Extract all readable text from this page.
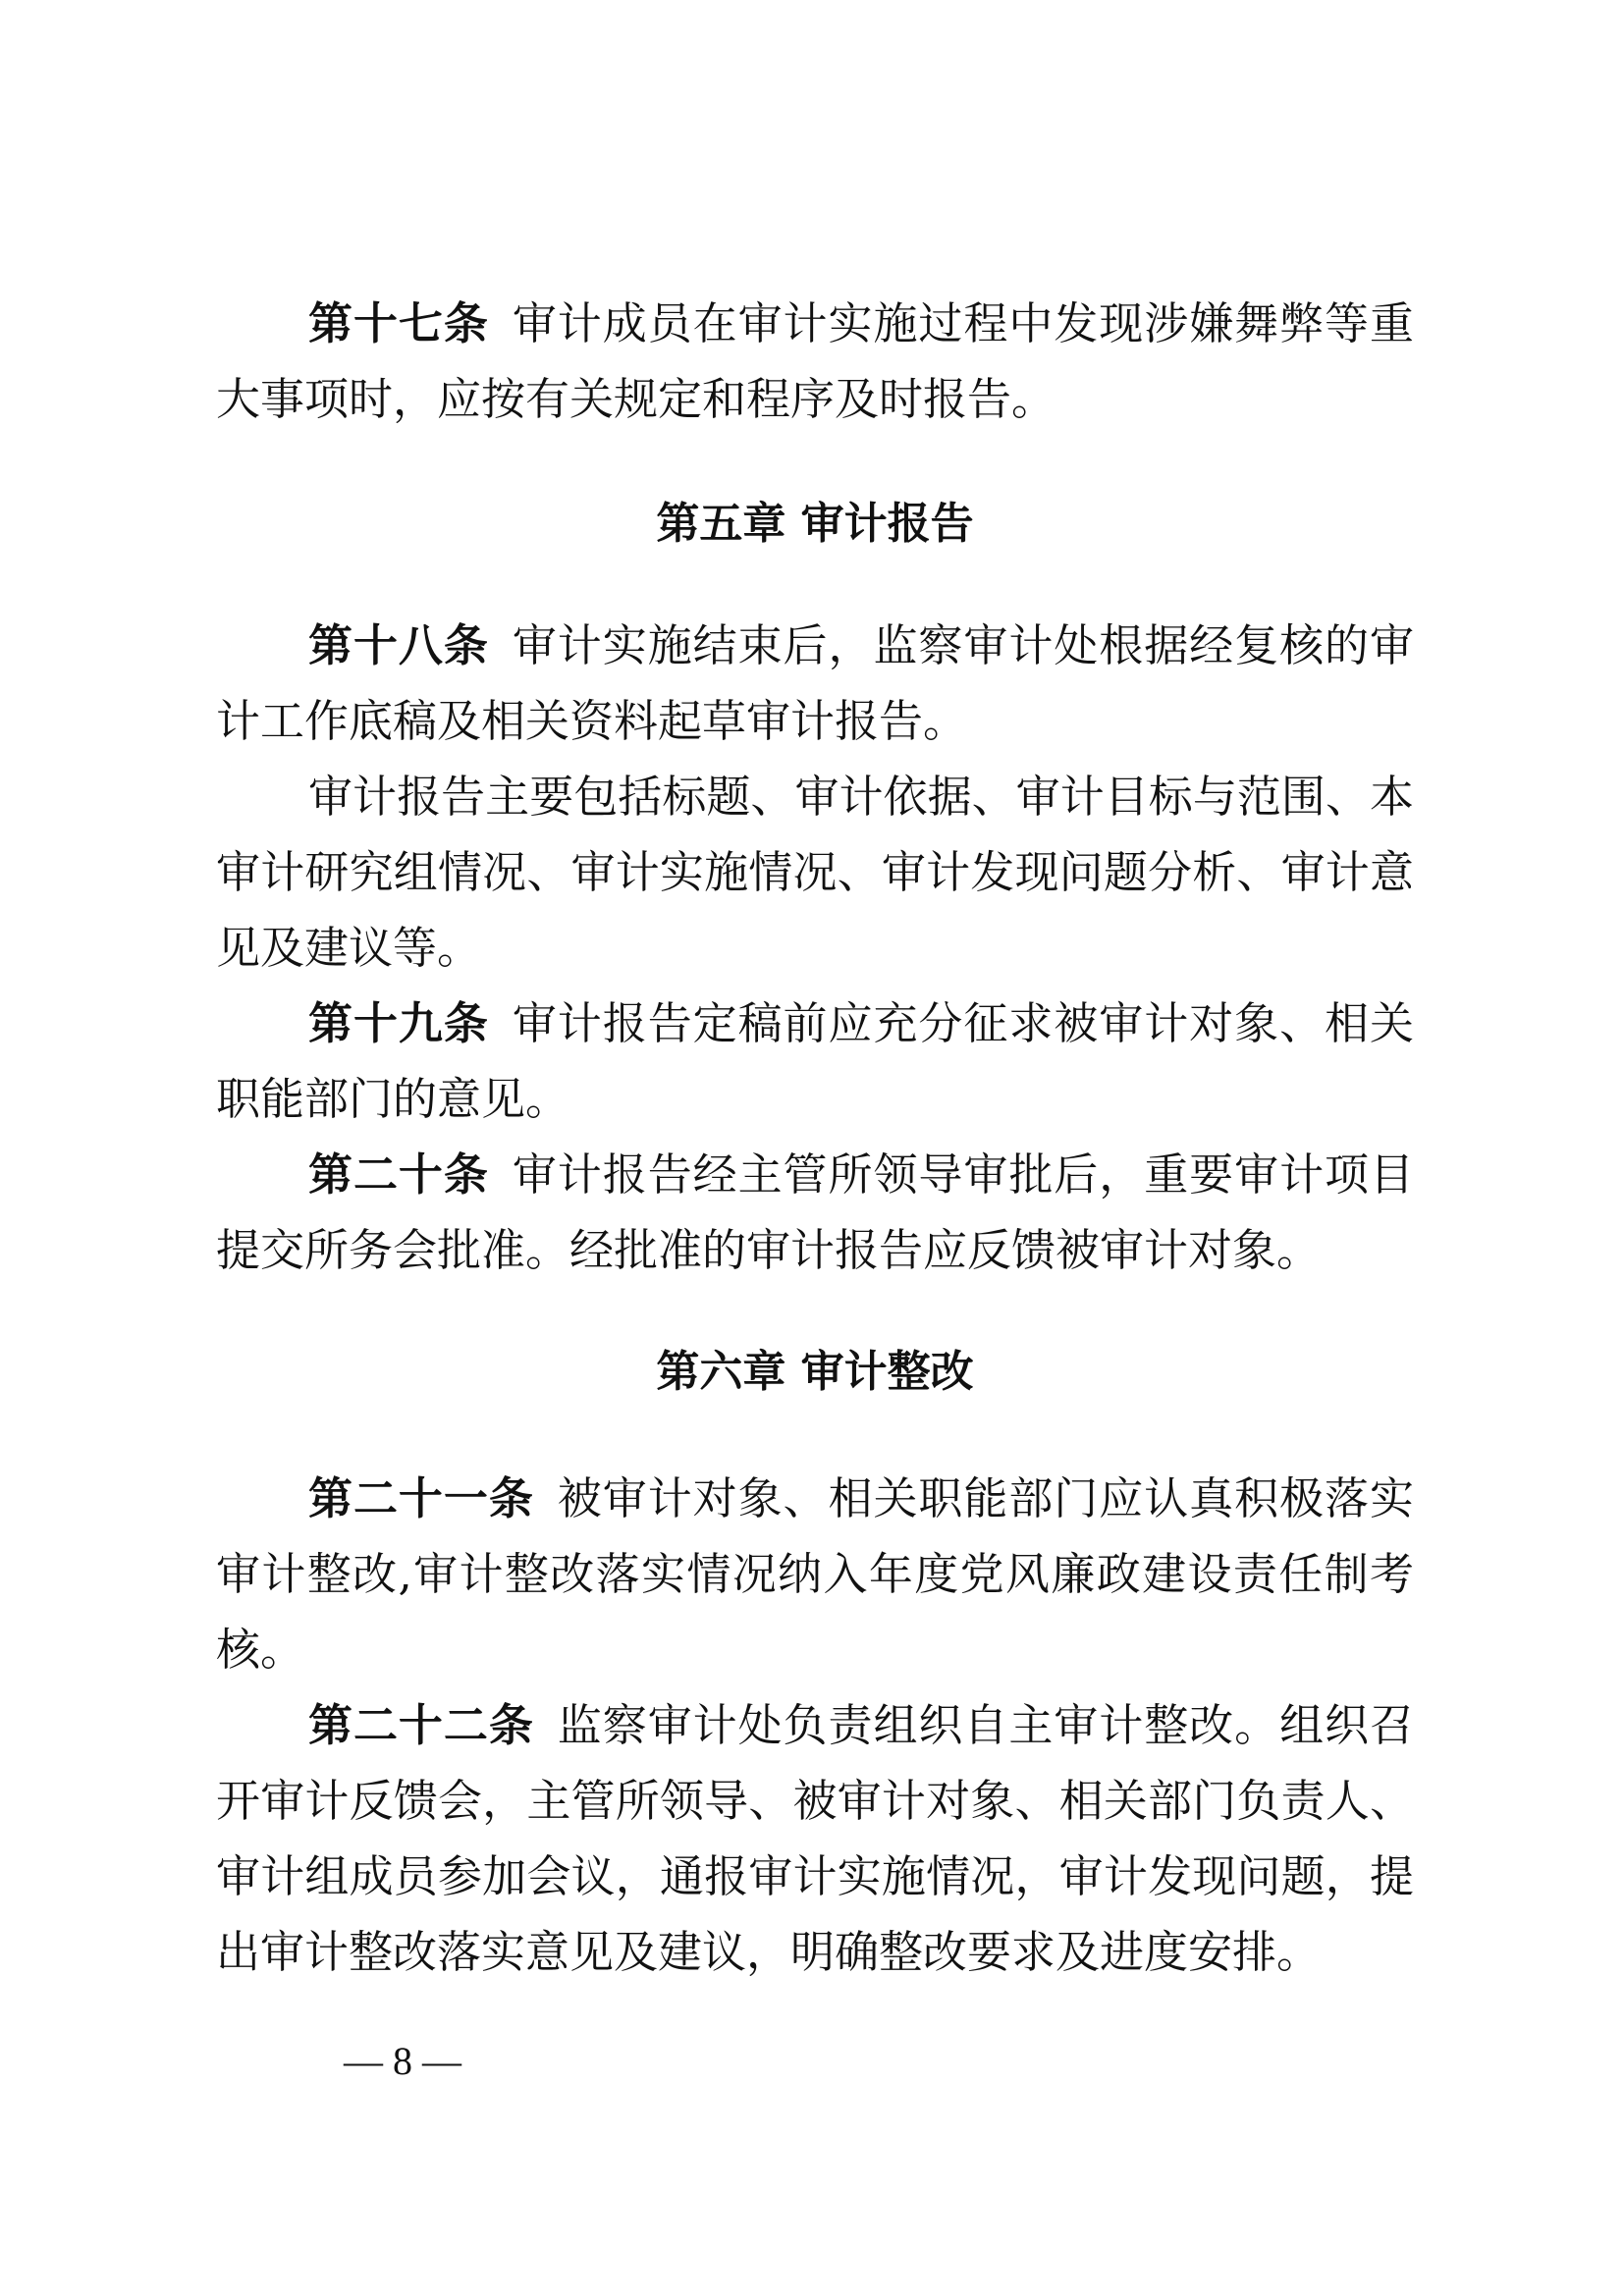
第十七条 审计成员在审计实施过程中发现涉嫌舞弊等重
大事项时，应按有关规定和程序及时报告。
第五章 审计报告
第十八条 审计实施结束后，监察审计处根据经复核的审
计工作底稿及相关资料起草审计报告。
审计报告主要包括标题、审计依据、审计目标与范围、本
审计研究组情况、审计实施情况、审计发现问题分析、审计意
见及建议等。
第十九条 审计报告定稿前应充分征求被审计对象、相关
职能部门的意见。
第二十条 审计报告经主管所领导审批后，重要审计项目
提交所务会批准。经批准的审计报告应反馈被审计对象。
第六章 审计整改
第二十一条 被审计对象、相关职能部门应认真积极落实
审计整改,审计整改落实情况纳入年度党风廉政建设责任制考
核。
第二十二条 监察审计处负责组织自主审计整改。组织召
开审计反馈会，主管所领导、被审计对象、相关部门负责人、
审计组成员参加会议，通报审计实施情况，审计发现问题，提
出审计整改落实意见及建议，明确整改要求及进度安排。
— 8 —
